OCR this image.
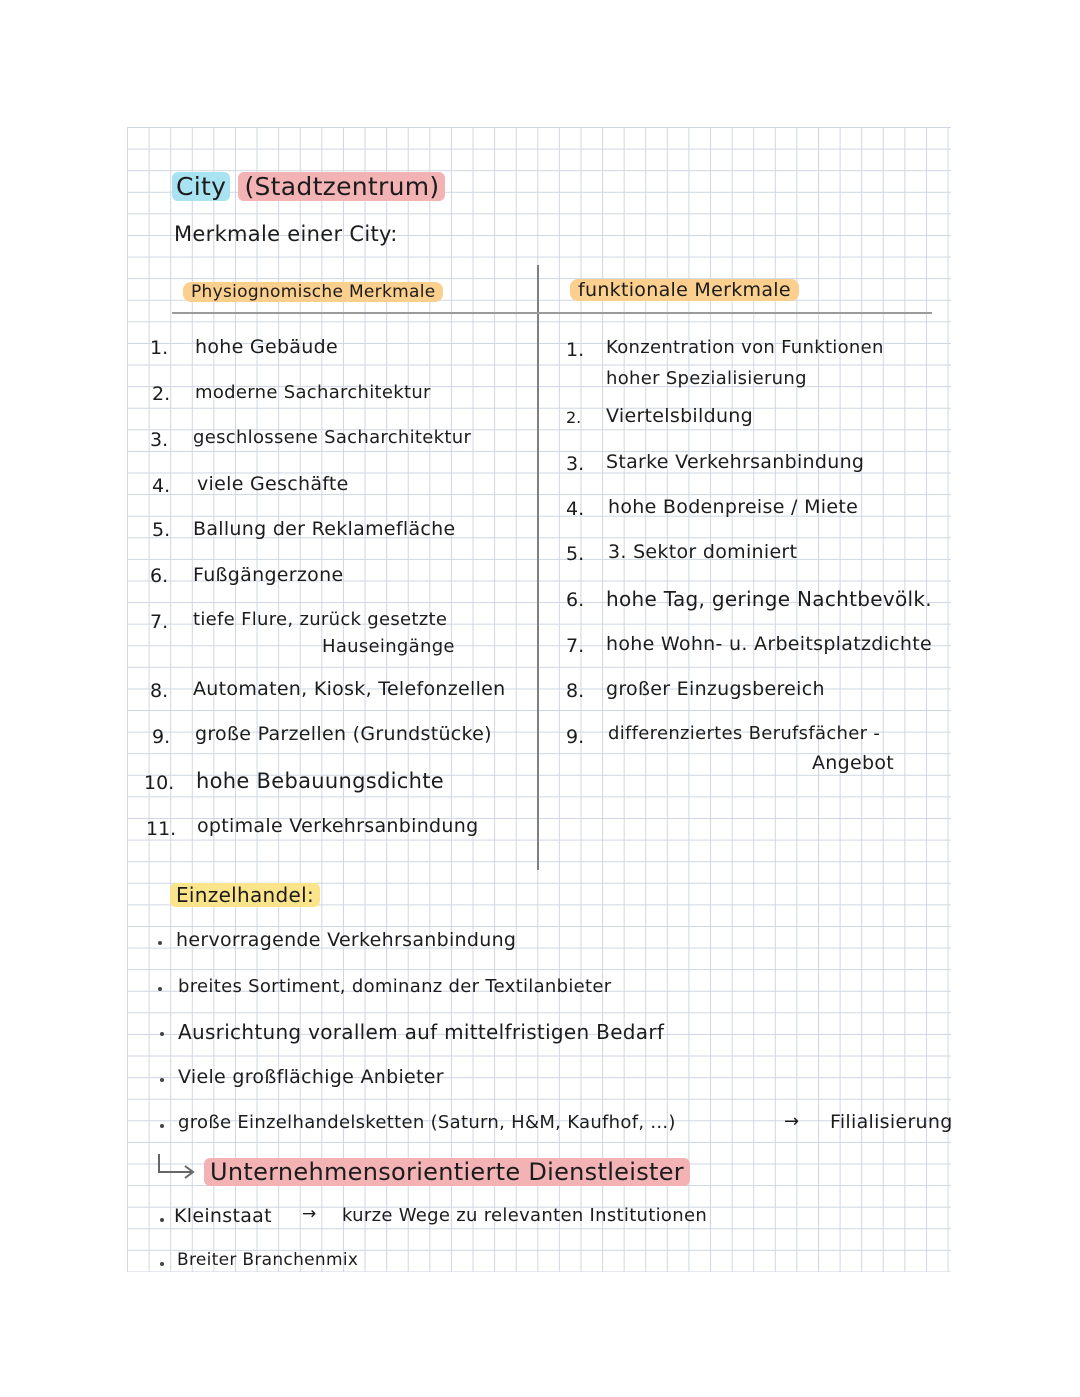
City (Stadtzentrum)
Merkmale einer City:
Physiognomische Merkmale	funktionale Merkmale
1. hohe Gebäude
2. moderne Sacharchitektur
3. geschlossene Sacharchitektur
4. viele Geschäfte
5. Ballung der Reklamefläche
6. Fußgängerzone
7. tiefe Flure, zurück gesetzte
Hauseingänge
8. Automaten, Kiosk, Telefonzellen
9. große Parzellen (Grundstücke)
10. hohe Bebauungsdichte
11. optimale Verkehrsanbindung
1. Konzentration von Funktionen
hoher Spezialisierung
2. Viertelsbildung
3. Starke Verkehrsanbindung
4. hohe Bodenpreise / Miete
5. 3. Sektor dominiert
6. hohe Tag, geringe Nachtbevölk.
7. hohe Wohn- u. Arbeitsplatzdichte
8. großer Einzugsbereich
9. differenziertes Berufsfächer -
Angebot
Einzelhandel:
hervorragende Verkehrsanbindung
breites Sortiment, dominanz der Textilanbieter
Ausrichtung vorallem auf mittelfristigen Bedarf
Viele großflächige Anbieter
große Einzelhandelsketten (Saturn, H&M, Kaufhof, ...)	→ Filialisierung
Unternehmensorientierte Dienstleister
Kleinstaat → kurze Wege zu relevanten Institutionen
Breiter Branchenmix
